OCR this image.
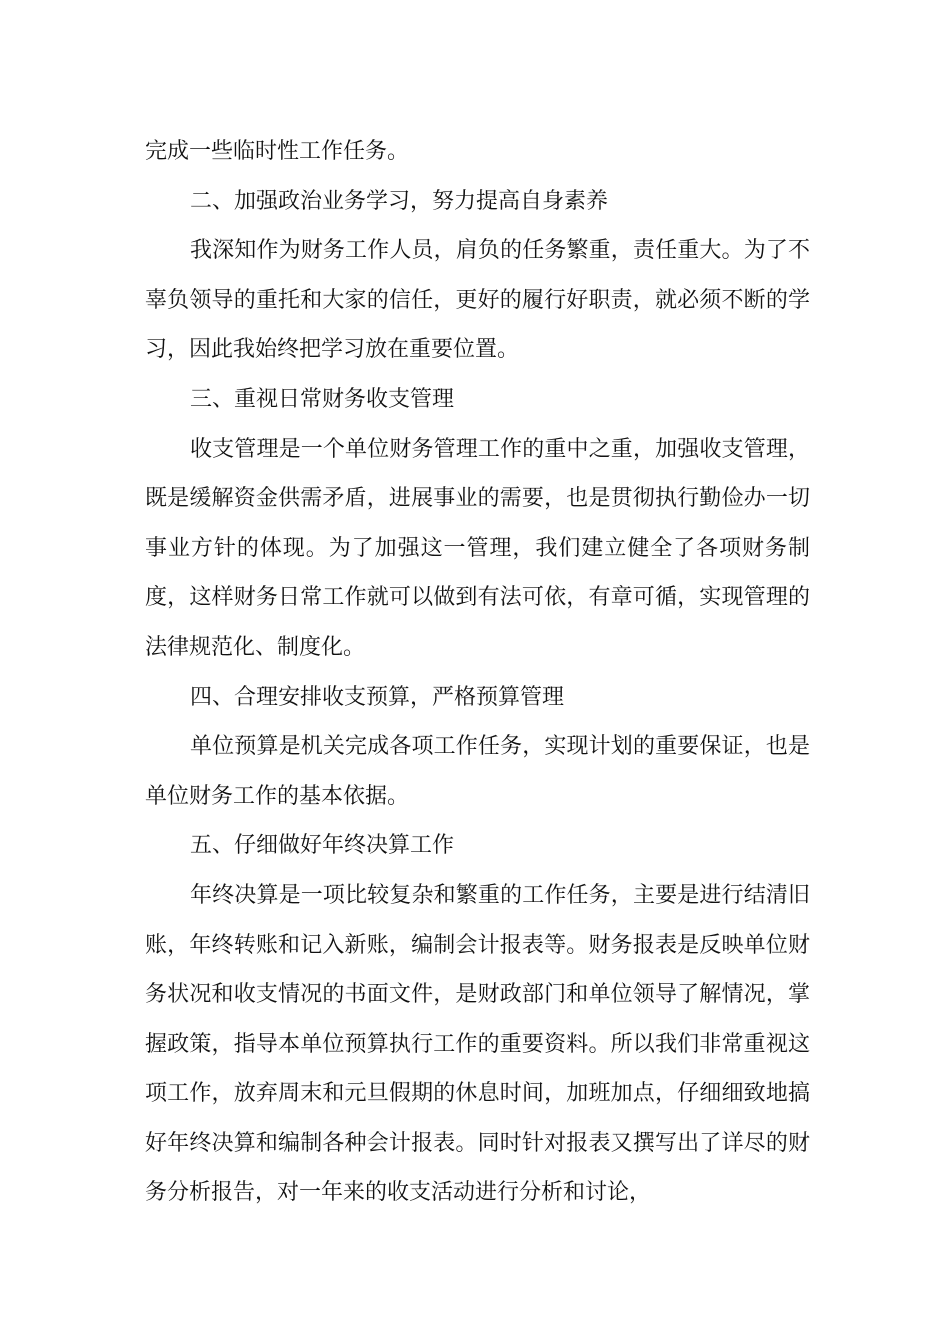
完成一些临时性工作任务。

二、加强政治业务学习，努力提高自身素养

我深知作为财务工作人员，肩负的任务繁重，责任重大。为了不辜负领导的重托和大家的信任，更好的履行好职责，就必须不断的学习，因此我始终把学习放在重要位置。

三、重视日常财务收支管理

收支管理是一个单位财务管理工作的重中之重，加强收支管理，既是缓解资金供需矛盾，进展事业的需要，也是贯彻执行勤俭办一切事业方针的体现。为了加强这一管理，我们建立健全了各项财务制度，这样财务日常工作就可以做到有法可依，有章可循，实现管理的法律规范化、制度化。

四、合理安排收支预算，严格预算管理

单位预算是机关完成各项工作任务，实现计划的重要保证，也是单位财务工作的基本依据。

五、仔细做好年终决算工作

年终决算是一项比较复杂和繁重的工作任务，主要是进行结清旧账，年终转账和记入新账，编制会计报表等。财务报表是反映单位财务状况和收支情况的书面文件，是财政部门和单位领导了解情况，掌握政策，指导本单位预算执行工作的重要资料。所以我们非常重视这项工作，放弃周末和元旦假期的休息时间，加班加点，仔细细致地搞好年终决算和编制各种会计报表。同时针对报表又撰写出了详尽的财务分析报告，对一年来的收支活动进行分析和讨论，
